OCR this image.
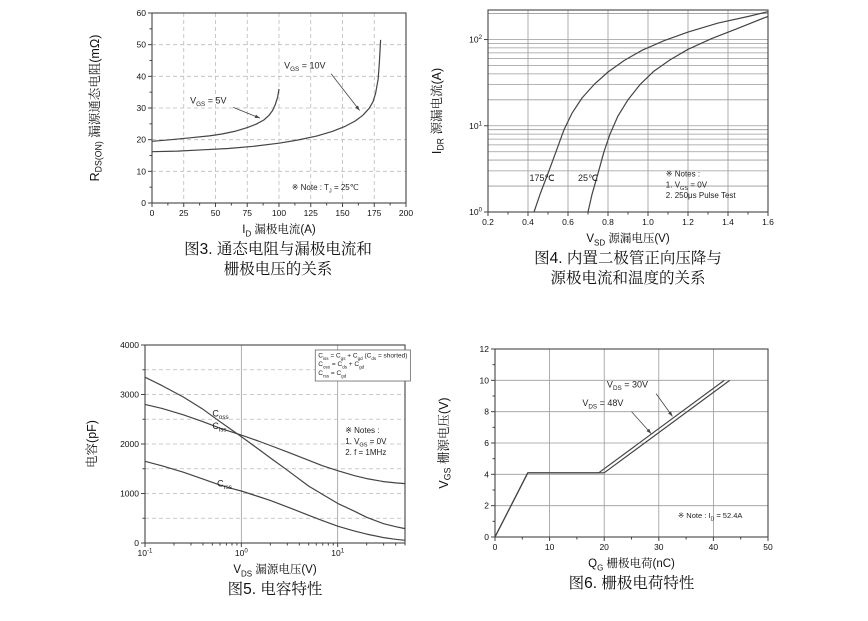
0	25	50	75 100 125 150 175 200
0
10
20
30
40
50
60
$R_{DS(ON)}$ 漏源通态电阻(mΩ)	$V_{GS} = 5V$
$V_{GS} = 10V$
※ Note : $T_J$ = 25℃
$I_D$ 漏极电流(A)
图3. 通态电阻与漏极电流和
栅极电压的关系
0.2	0.4	0.6	0.8	1.0	1.2	1.4	1.6
$10^0$
$10^1$
$10^2$
$I_{DR}$ 源漏电流(A)
175℃	25℃	※ Notes :
1. $V_{GS} = 0V$
2. 250μs Pulse Test
$V_{SD}$ 源漏电压(V)
图4. 内置二极管正向压降与
源极电流和温度的关系
$10^{-1}$	$10^0$	$10^1$
0
1000
2000
3000
4000
电容(pF)
$C_{oss}$
$C_{iss}$
$C_{rss}$
$C_{iss} = C_{gs} + C_{gd}$ ($C_{ds}$ = shorted)
$C_{oss} = C_{ds} + C_{gd}$
$C_{rss} = C_{gd}$
※ Notes :
1. $V_{GS} = 0V$
2. f = 1MHz
$V_{DS}$ 漏源电压(V)
图5. 电容特性
0	10	20	30	40	50
0
2
4
6
8
10
12
$V_{GS}$ 栅源电压(V)
$V_{DS} = 30V$
$V_{DS} = 48V$
※ Note : $I_D = 52.4A$
$Q_G$ 栅极电荷(nC)
图6. 栅极电荷特性
